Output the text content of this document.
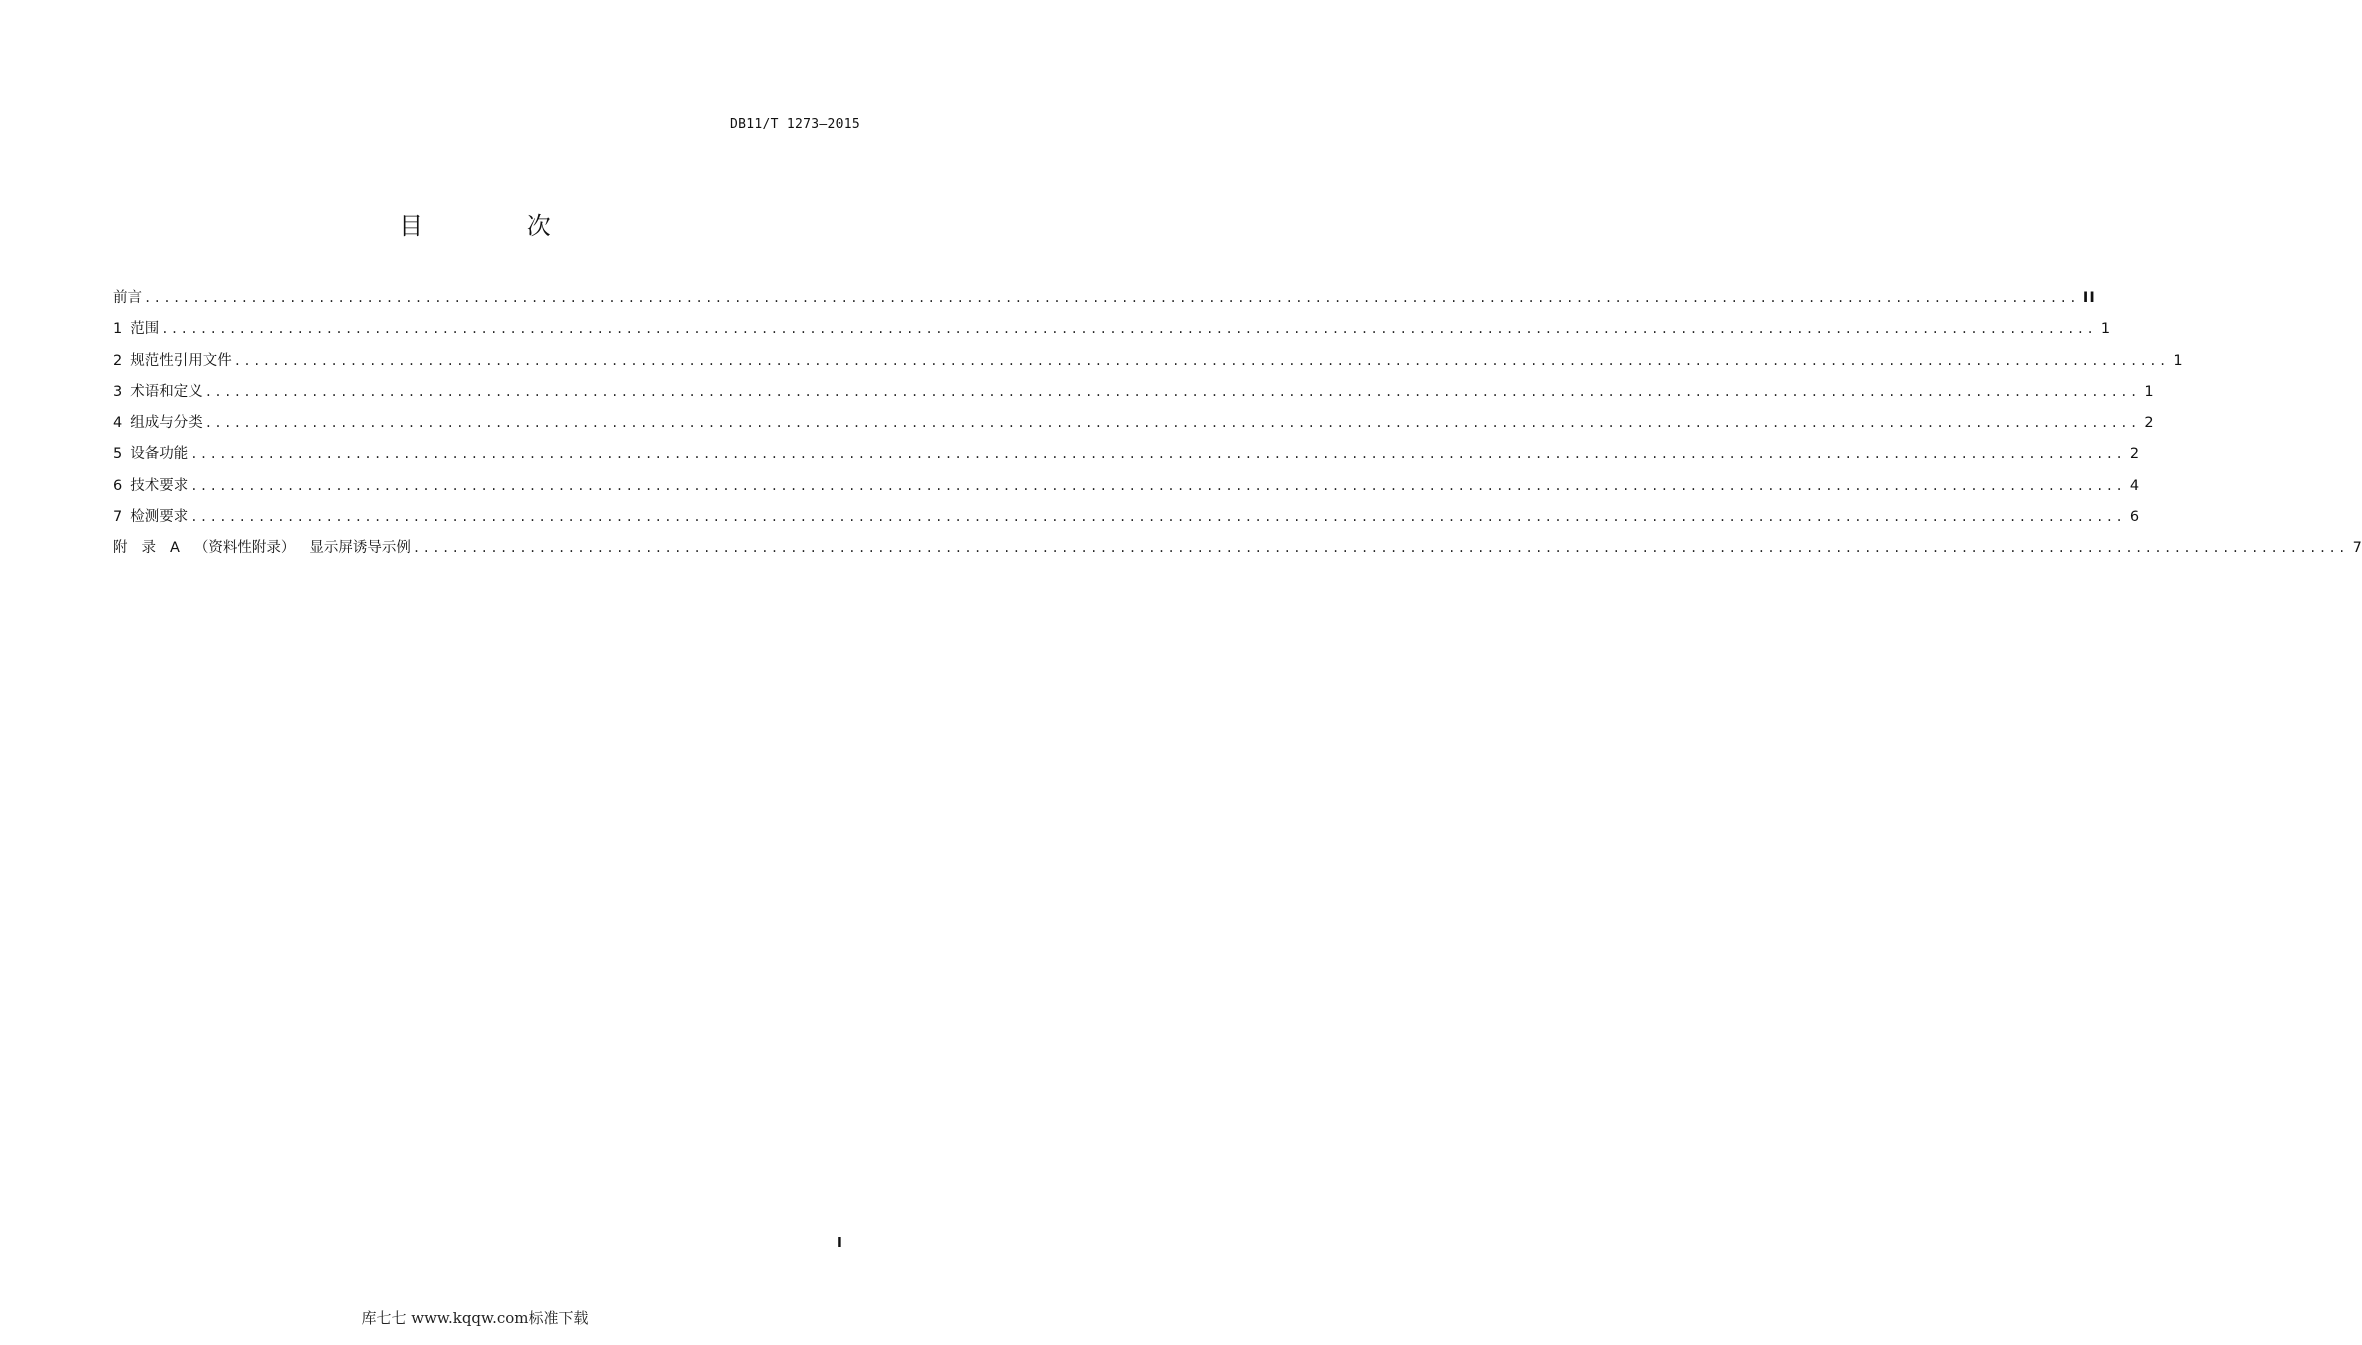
DB11/T 1273—2015
目 次
前言 ........................................................................................................................................................................................................ II
1 范围 ........................................................................................................................................................................................................ 1
2 规范性引用文件 ........................................................................................................................................................................................................ 1
3 术语和定义 ........................................................................................................................................................................................................ 1
4 组成与分类 ........................................................................................................................................................................................................ 2
5 设备功能 ........................................................................................................................................................................................................ 2
6 技术要求 ........................................................................................................................................................................................................ 4
7 检测要求 ........................................................................................................................................................................................................ 6
附 录 A （资料性附录） 显示屏诱导示例 ........................................................................................................................................................................................................ 7
I
库七七 www.kqqw.com标准下载
